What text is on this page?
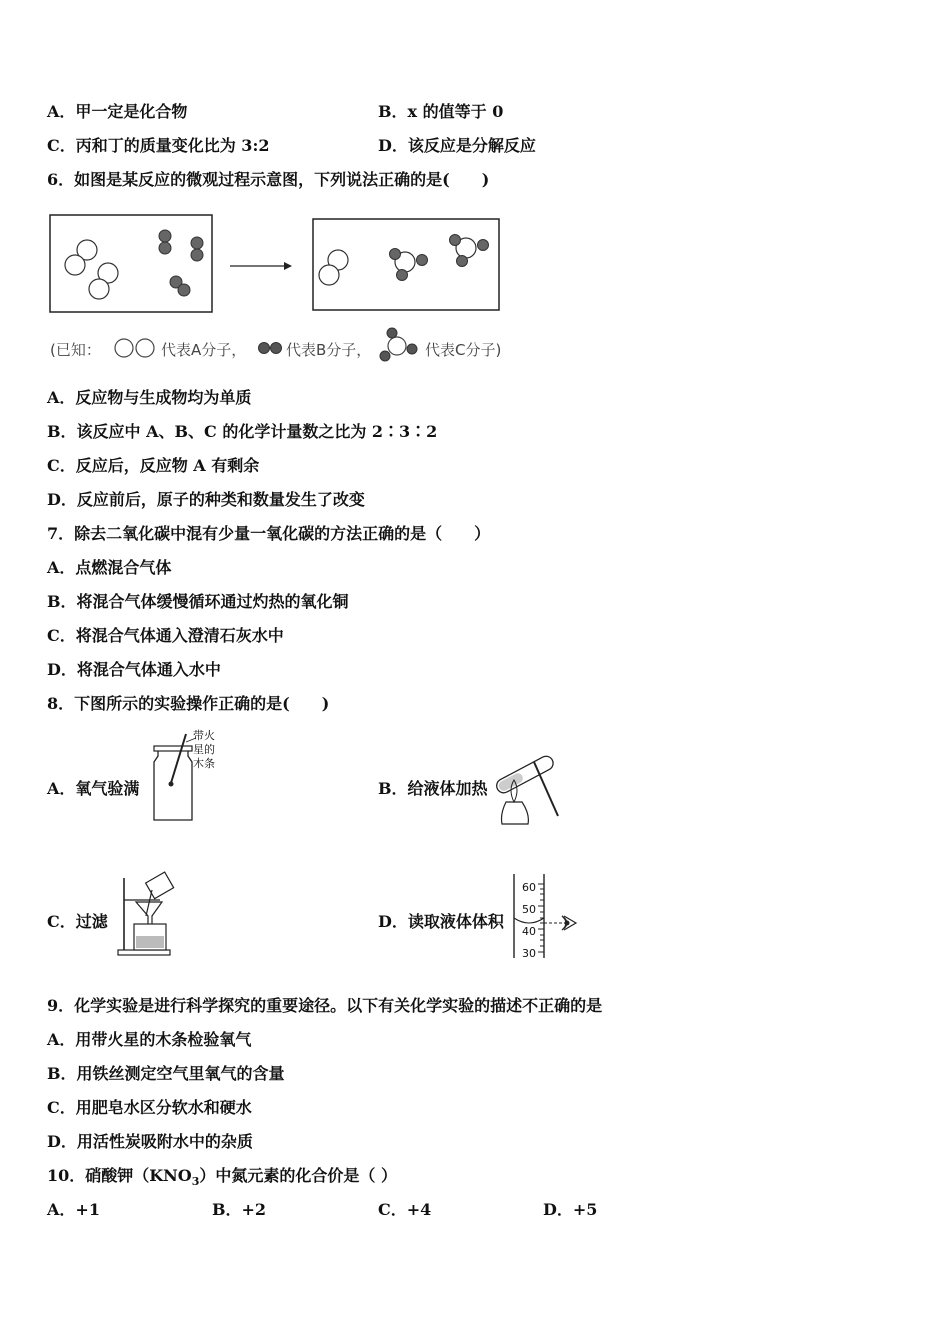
A．甲一定是化合物	B．x 的值等于 0
C．丙和丁的质量变化比为 3:2	D．该反应是分解反应
6．如图是某反应的微观过程示意图，下列说法正确的是(　　)
(已知：	代表A分子，	代表B分子，	代表C分子)
A．反应物与生成物均为单质
B．该反应中 A、B、C 的化学计量数之比为 2∶3∶2
C．反应后，反应物 A 有剩余
D．反应前后，原子的种类和数量发生了改变
7．除去二氧化碳中混有少量一氧化碳的方法正确的是（　　）
A．点燃混合气体
B．将混合气体缓慢循环通过灼热的氧化铜
C．将混合气体通入澄清石灰水中
D．将混合气体通入水中
8．下图所示的实验操作正确的是(　　)
A．氧气验满	B．给液体加热
C．过滤	D．读取液体体积
带火
星的
木条
60
50
40
30
9．化学实验是进行科学探究的重要途径。以下有关化学实验的描述不正确的是
A．用带火星的木条检验氧气
B．用铁丝测定空气里氧气的含量
C．用肥皂水区分软水和硬水
D．用活性炭吸附水中的杂质
10．硝酸钾$(KNO_3)$中氮元素的化合价是（ ）
A．+1	B．+2	C．+4	D．+5
